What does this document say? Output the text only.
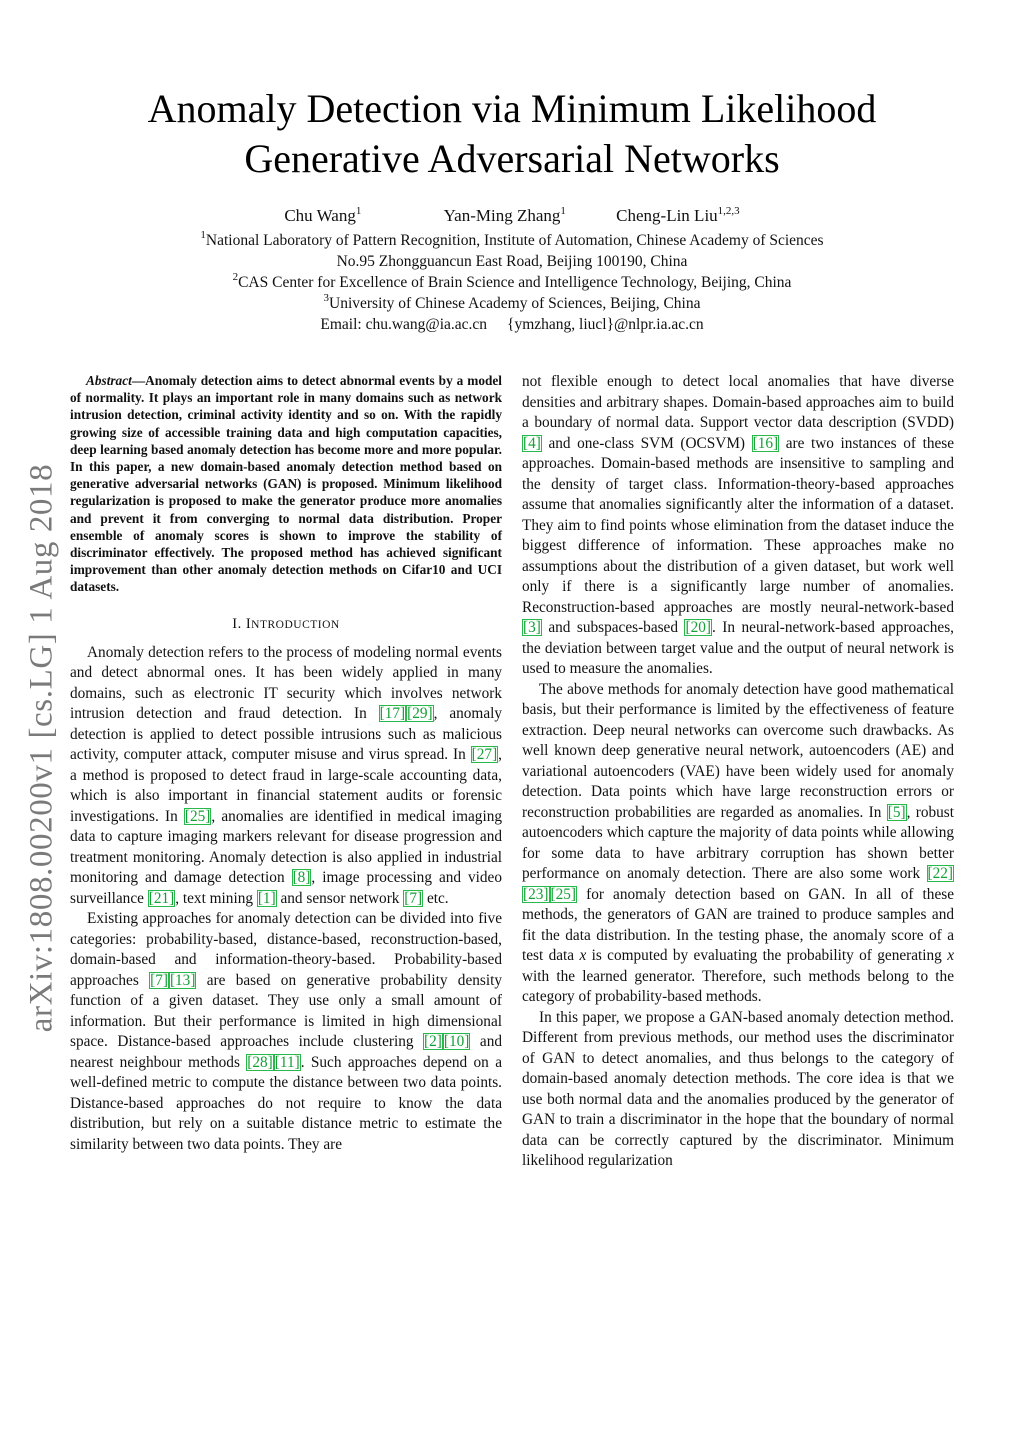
Anomaly Detection via Minimum Likelihood
Generative Adversarial Networks
Chu Wang$^1$	Yan-Ming Zhang$^1$	Cheng-Lin Liu$^{1,2,3}$
$^1$National Laboratory of Pattern Recognition, Institute of Automation, Chinese Academy of Sciences
No.95 Zhongguancun East Road, Beijing 100190, China
$^2$CAS Center for Excellence of Brain Science and Intelligence Technology, Beijing, China
$^3$University of Chinese Academy of Sciences, Beijing, China
Email: chu.wang@ia.ac.cn {ymzhang, liucl}@nlpr.ia.ac.cn
arXiv:1808.00200v1 [cs.LG] 1 Aug 2018

Abstract—Anomaly detection aims to detect abnormal events by a model of normality. It plays an important role in many domains such as network intrusion detection, criminal activity identity and so on. With the rapidly growing size of accessible training data and high computation capacities, deep learning based anomaly detection has become more and more popular. In this paper, a new domain-based anomaly detection method based on generative adversarial networks (GAN) is proposed. Minimum likelihood regularization is proposed to make the generator produce more anomalies and prevent it from converging to normal data distribution. Proper ensemble of anomaly scores is shown to improve the stability of discriminator effectively. The proposed method has achieved significant improvement than other anomaly detection methods on Cifar10 and UCI datasets.

I. INTRODUCTION

Anomaly detection refers to the process of modeling normal events and detect abnormal ones. It has been widely applied in many domains, such as electronic IT security which involves network intrusion detection and fraud detection. In [17] [29], anomaly detection is applied to detect possible intrusions such as malicious activity, computer attack, computer misuse and virus spread. In [27], a method is proposed to detect fraud in large-scale accounting data, which is also important in financial statement audits or forensic investigations. In [25], anomalies are identified in medical imaging data to capture imaging markers relevant for disease progression and treatment monitoring. Anomaly detection is also applied in industrial monitoring and damage detection [8], image processing and video surveillance [21], text mining [1] and sensor network [7] etc.

Existing approaches for anomaly detection can be divided into five categories: probability-based, distance-based, reconstruction-based, domain-based and information-theory-based. Probability-based approaches [7] [13] are based on generative probability density function of a given dataset. They use only a small amount of information. But their performance is limited in high dimensional space. Distance-based approaches include clustering [2] [10] and nearest neighbour methods [28] [11]. Such approaches depend on a well-defined metric to compute the distance between two data points. Distance-based approaches do not require to know the data distribution, but rely on a suitable distance metric to estimate the similarity between two data points. They are

not flexible enough to detect local anomalies that have diverse densities and arbitrary shapes. Domain-based approaches aim to build a boundary of normal data. Support vector data description (SVDD) [4] and one-class SVM (OCSVM) [16] are two instances of these approaches. Domain-based methods are insensitive to sampling and the density of target class. Information-theory-based approaches assume that anomalies significantly alter the information of a dataset. They aim to find points whose elimination from the dataset induce the biggest difference of information. These approaches make no assumptions about the distribution of a given dataset, but work well only if there is a significantly large number of anomalies. Reconstruction-based approaches are mostly neural-network-based [3] and subspaces-based [20]. In neural-network-based approaches, the deviation between target value and the output of neural network is used to measure the anomalies.

The above methods for anomaly detection have good mathematical basis, but their performance is limited by the effectiveness of feature extraction. Deep neural networks can overcome such drawbacks. As well known deep generative neural network, autoencoders (AE) and variational autoencoders (VAE) have been widely used for anomaly detection. Data points which have large reconstruction errors or reconstruction probabilities are regarded as anomalies. In [5], robust autoencoders which capture the majority of data points while allowing for some data to have arbitrary corruption has shown better performance on anomaly detection. There are also some work [22][23] [25] for anomaly detection based on GAN. In all of these methods, the generators of GAN are trained to produce samples and fit the data distribution. In the testing phase, the anomaly score of a test data x is computed by evaluating the probability of generating x with the learned generator. Therefore, such methods belong to the category of probability-based methods.

In this paper, we propose a GAN-based anomaly detection method. Different from previous methods, our method uses the discriminator of GAN to detect anomalies, and thus belongs to the category of domain-based anomaly detection methods. The core idea is that we use both normal data and the anomalies produced by the generator of GAN to train a discriminator in the hope that the boundary of normal data can be correctly captured by the discriminator. Minimum likelihood regularization
